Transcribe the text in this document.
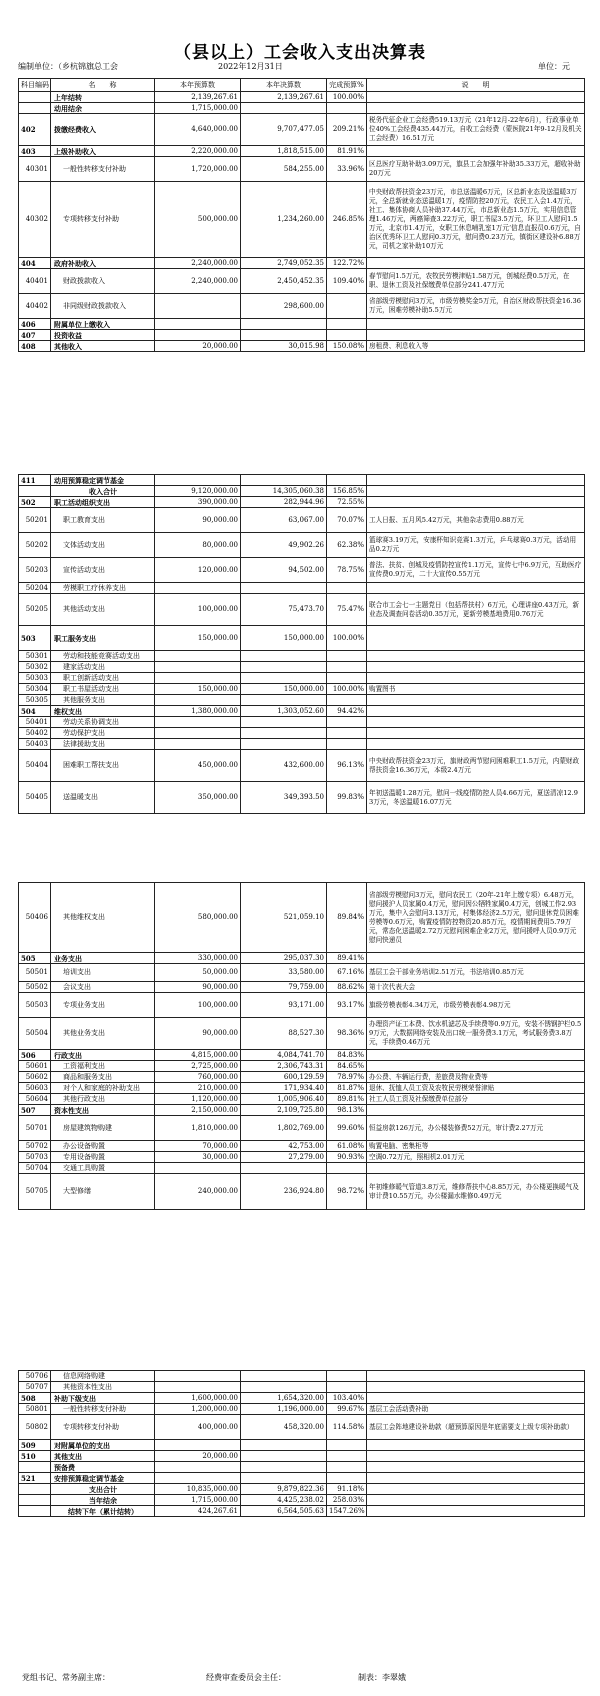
（县以上）工会收入支出决算表
编制单位：（乡杭锦旗总工会	2022年12月31日	单位：元
科目编码	名　　称	本年预算数	本年决算数	完成预算%	说　　明
	上年结转	2,139,267.61	2,139,267.61	100.00%	
	动用结余	1,715,000.00			
402	拨缴经费收入	4,640,000.00	9,707,477.05	209.21%	税务代征企业工会经费519.13万元（21年12月-22年6月），行政事业单位40%工会经费435.44万元，自收工会经费（蒙医院21年9-12月及机关工会经费）16.51万元
403	上级补助收入	2,220,000.00	1,818,515.00	81.91%	
40301	一般性转移支付补助	1,720,000.00	584,255.00	33.96%	区总医疗互助补助3.09万元，旗县工会加强年补助35.33万元，超收补助20万元
40302	专项转移支付补助	500,000.00	1,234,260.00	246.85%	中央财政帮扶资金23万元，市总送温暖6万元，区总新业态及送温暖3万元，全总新就业态送温暖1万，疫情防控20万元，农民工入会1.4万元，社工、集体协商人员补助37.44万元，市总新业态1.5万元，实用信息管理1.46万元，两癌筛查3.22万元，职工书屋3.5万元，环卫工人慰问1.5万元，北京市1.4万元，女职工休息哺乳室1万元‘信息直报员0.6万元，自治区优秀环卫工人慰问0.3万元，慰问费0.23万元，镇街区建设补6.88万元，司机之家补助10万元
404	政府补助收入	2,240,000.00	2,749,052.35	122.72%	
40401	财政拨款收入	2,240,000.00	2,450,452.35	109.40%	春节慰问1.5万元，农牧民劳模津贴1.58万元，创城经费0.5万元，在职、退休工资及社保缴费单位部分241.47万元
40402	非同级财政拨款收入		298,600.00		省部级劳模慰问3万元，市级劳模奖金5万元，自治区财政帮扶资金16.36万元，困难劳模补助5.5万元
406	附属单位上缴收入				
407	投资收益				
408	其他收入	20,000.00	30,015.98	150.08%	房租费、利息收入等
411	动用预算稳定调节基金				
	收入合计	9,120,000.00	14,305,060.38	156.85%	
502	职工活动组织支出	390,000.00	282,944.96	72.55%	
50201	职工教育支出	90,000.00	63,067.00	70.07%	工人日报、五月风5.42万元，其他杂志费用0.88万元
50202	文体活动支出	80,000.00	49,902.26	62.38%	篮球赛3.19万元，安康杯知识竞赛1.3万元，乒乓球赛0.3万元，活动用品0.2万元
50203	宣传活动支出	120,000.00	94,502.00	78.75%	普法、扶贫、创城及疫情防控宣传1.1万元，宣传七中6.9万元，互助医疗宣传费0.9万元，二十大宣传0.55万元
50204	劳模职工疗休养支出				
50205	其他活动支出	100,000.00	75,473.70	75.47%	联合市工会七一主题党日（包括帮扶村）6万元，心理讲座0.43万元，新业态及调查问卷活动0.35万元，更新劳模基地费用0.76万元
503	职工服务支出	150,000.00	150,000.00	100.00%	
50301	劳动和技能竞赛活动支出				
50302	建家活动支出				
50303	职工创新活动支出				
50304	职工书屋活动支出	150,000.00	150,000.00	100.00%	购置图书
50305	其他服务支出				
504	维权支出	1,380,000.00	1,303,052.60	94.42%	
50401	劳动关系协调支出				
50402	劳动保护支出				
50403	法律援助支出				
50404	困难职工帮扶支出	450,000.00	432,600.00	96.13%	中央财政帮扶资金23万元，旗财政两节慰问困难职工1.5万元，内蒙财政帮扶资金16.36万元，本级2.4万元
50405	送温暖支出	350,000.00	349,393.50	99.83%	年初送温暖1.28万元，慰问一线疫情防控人员4.66万元，夏送清凉12.93万元，冬送温暖16.07万元
50406	其他维权支出	580,000.00	521,059.10	89.84%	省部级劳模慰问3万元，慰问农民工（20年-21年上缴专项）6.48万元，慰问援沪人员家属0.4万元，慰问因公牺牲家属0.4万元，创城工作2.93万元，集中入会慰问3.13万元，村集体经济2.5万元，慰问退休党员困难劳模等0.6万元，购置疫情防控物资20.85万元，疫情期间费用5.79万元，常态化送温暖2.72万元慰问困难企业2万元，慰问援呼人员0.9万元慰问快递员
505	业务支出	330,000.00	295,037.30	89.41%	
50501	培训支出	50,000.00	33,580.00	67.16%	基层工会干部业务培训2.51万元，书法培训0.85万元
50502	会议支出	90,000.00	79,759.00	88.62%	第十次代表大会
50503	专项业务支出	100,000.00	93,171.00	93.17%	旗级劳模表彰4.34万元，市级劳模表彰4.98万元
50504	其他业务支出	90,000.00	88,527.30	98.36%	办理资产证工本费、饮水机滤芯及手续费等0.9万元，安装不锈钢护栏0.59万元，大数据网络安装及出口统一服务费3.1万元，考试服务费3.8万元，手续费0.46万元
506	行政支出	4,815,000.00	4,084,741.70	84.83%	
50601	工资福利支出	2,725,000.00	2,306,743.31	84.65%	
50602	商品和服务支出	760,000.00	600,129.59	78.97%	办公费、车辆运行费，差旅费及物业费等
50603	对个人和家庭的补助支出	210,000.00	171,934.40	81.87%	退休、抚恤人员工资及农牧民劳模荣誉津贴
50604	其他行政支出	1,120,000.00	1,005,906.40	89.81%	社工人员工资及社保缴费单位部分
507	资本性支出	2,150,000.00	2,109,725.80	98.13%	
50701	房屋建筑物购建	1,810,000.00	1,802,769.00	99.60%	恒益房款126万元，办公楼装修费52万元，审计费2.27万元
50702	办公设备购置	70,000.00	42,753.00	61.08%	购置电脑、密集柜等
50703	专用设备购置	30,000.00	27,279.00	90.93%	空调0.72万元，照相机2.01万元
50704	交通工具购置				
50705	大型修缮	240,000.00	236,924.80	98.72%	年初维修暖气管道3.8万元，维修帮扶中心8.85万元，办公楼更换暖气及审计费10.55万元，办公楼漏水维修0.49万元
50706	信息网络购建				
50707	其他资本性支出				
508	补助下级支出	1,600,000.00	1,654,320.00	103.40%	
50801	一般性转移支付补助	1,200,000.00	1,196,000.00	99.67%	基层工会活动费补助
50802	专项转移支付补助	400,000.00	458,320.00	114.58%	基层工会阵地建设补助款（超预算原因是年底需要支上级专项补助款）
509	对附属单位的支出				
510	其他支出	20,000.00			
	预备费				
521	安排预算稳定调节基金				
	支出合计	10,835,000.00	9,879,822.36	91.18%	
	当年结余	1,715,000.00	4,425,238.02	258.03%	
	结转下年（累计结转）	424,267.61	6,564,505.63	1547.26%	
党组书记、常务副主席：	经费审查委员会主任：	制表：李翠娥
